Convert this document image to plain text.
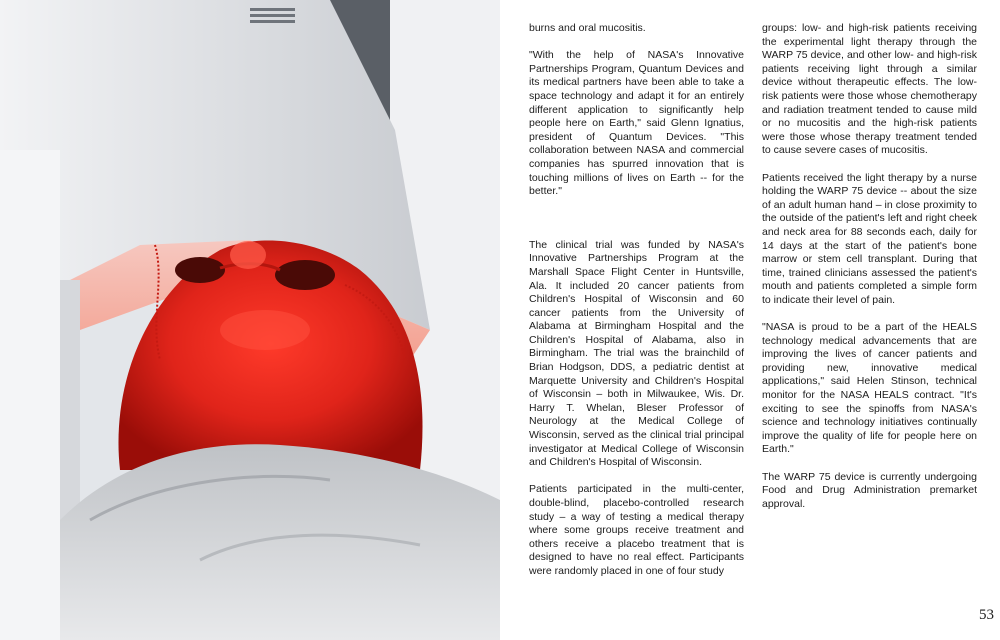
burns and oral mucositis.

"With the help of NASA's Innovative Partnerships Program, Quantum Devices and its medical partners have been able to take a space technology and adapt it for an entirely different application to significantly help people here on Earth," said Glenn Ignatius, president of Quantum Devices. "This collaboration between NASA and commercial companies has spurred innovation that is touching millions of lives on Earth -- for the better."

The clinical trial was funded by NASA's Innovative Partnerships Program at the Marshall Space Flight Center in Huntsville, Ala. It included 20 cancer patients from Children's Hospital of Wisconsin and 60 cancer patients from the University of Alabama at Birmingham Hospital and the Children's Hospital of Alabama, also in Birmingham. The trial was the brainchild of Brian Hodgson, DDS, a pediatric dentist at Marquette University and Children's Hospital of Wisconsin – both in Milwaukee, Wis. Dr. Harry T. Whelan, Bleser Professor of Neurology at the Medical College of Wisconsin, served as the clinical trial principal investigator at Medical College of Wisconsin and Children's Hospital of Wisconsin.

Patients participated in the multi-center, double-blind, placebo-controlled research study – a way of testing a medical therapy where some groups receive treatment and others receive a placebo treatment that is designed to have no real effect. Participants were randomly placed in one of four study

groups: low- and high-risk patients receiving the experimental light therapy through the WARP 75 device, and other low- and high-risk patients receiving light through a similar device without therapeutic effects. The low-risk patients were those whose chemotherapy and radiation treatment tended to cause mild or no mucositis and the high-risk patients were those whose therapy treatment tended to cause severe cases of mucositis.

Patients received the light therapy by a nurse holding the WARP 75 device -- about the size of an adult human hand – in close proximity to the outside of the patient's left and right cheek and neck area for 88 seconds each, daily for 14 days at the start of the patient's bone marrow or stem cell transplant. During that time, trained clinicians assessed the patient's mouth and patients completed a simple form to indicate their level of pain.

"NASA is proud to be a part of the HEALS technology medical advancements that are improving the lives of cancer patients and providing new, innovative medical applications," said Helen Stinson, technical monitor for the NASA HEALS contract. "It's exciting to see the spinoffs from NASA's science and technology initiatives continually improve the quality of life for people here on Earth."

The WARP 75 device is currently undergoing Food and Drug Administration premarket approval.

53
